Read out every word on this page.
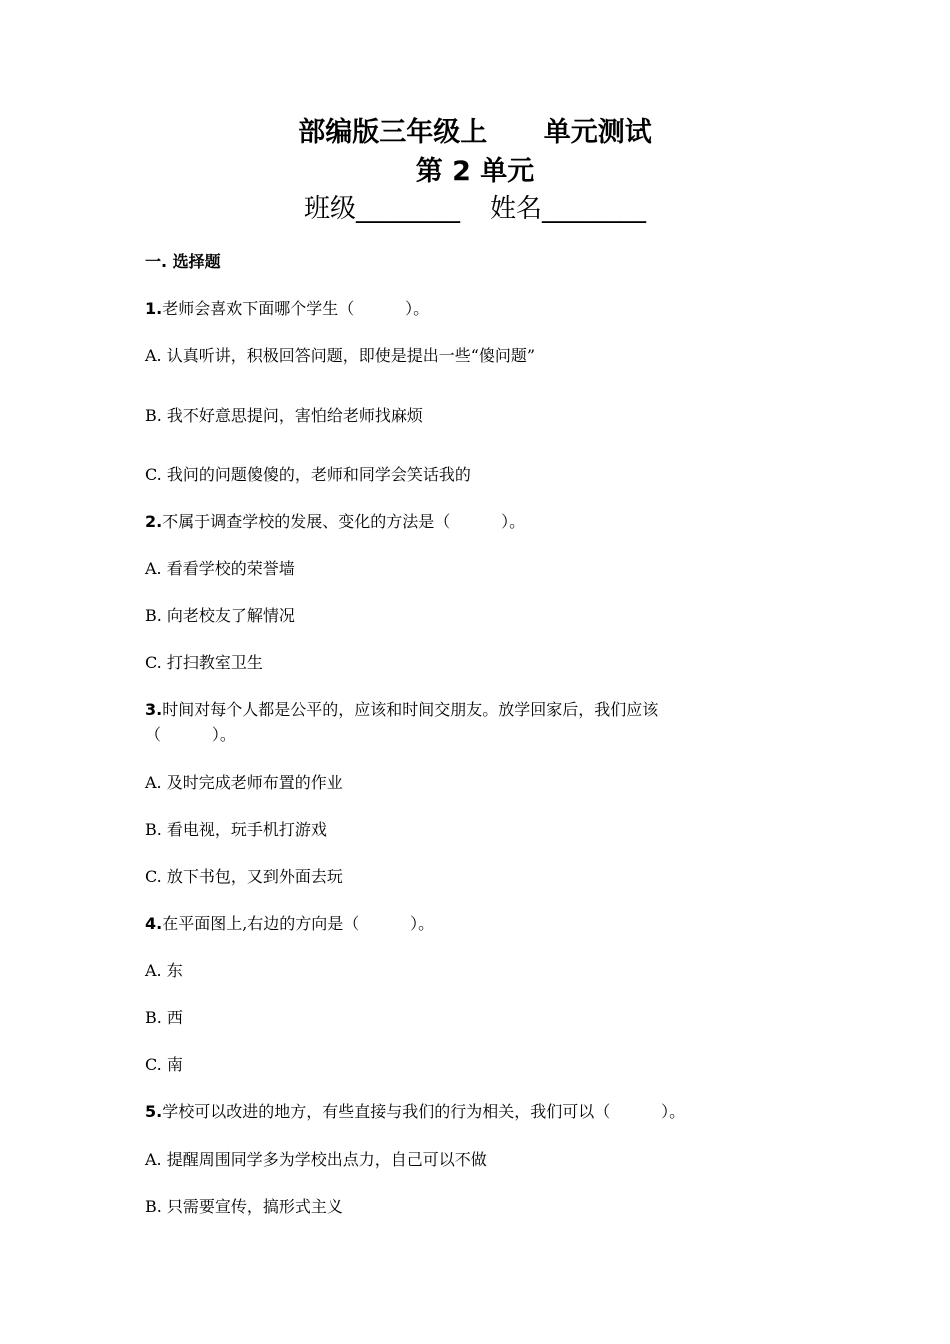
部编版三年级上      单元测试
第 2 单元
班级________ 姓名________
一. 选择题
1.老师会喜欢下面哪个学生（          ）。
A. 认真听讲，积极回答问题，即使是提出一些“傻问题”
B. 我不好意思提问，害怕给老师找麻烦
C. 我问的问题傻傻的，老师和同学会笑话我的
2.不属于调查学校的发展、变化的方法是（          ）。
A. 看看学校的荣誉墙
B. 向老校友了解情况
C. 打扫教室卫生
3.时间对每个人都是公平的，应该和时间交朋友。放学回家后，我们应该
（          ）。
A. 及时完成老师布置的作业
B. 看电视，玩手机打游戏
C. 放下书包，又到外面去玩
4.在平面图上,右边的方向是（          ）。
A. 东
B. 西
C. 南
5.学校可以改进的地方，有些直接与我们的行为相关，我们可以（          ）。
A. 提醒周围同学多为学校出点力，自己可以不做
B. 只需要宣传，搞形式主义
